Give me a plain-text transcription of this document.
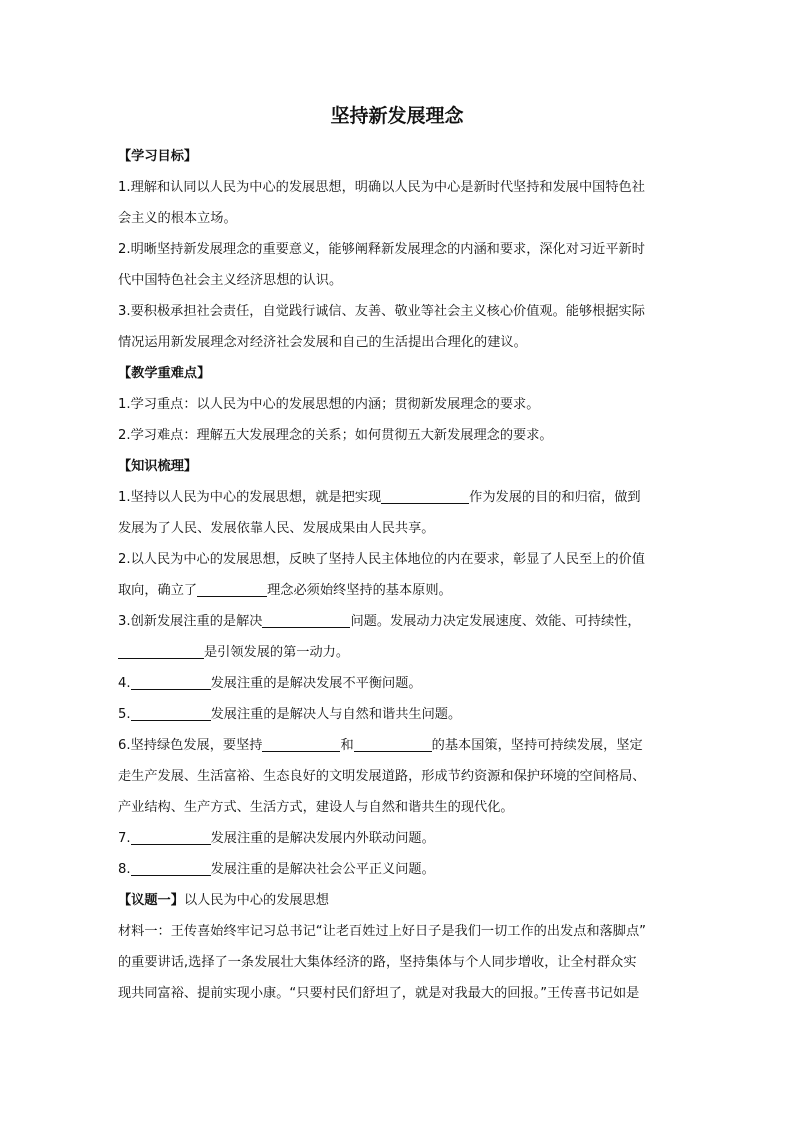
坚持新发展理念
【学习目标】
1.理解和认同以人民为中心的发展思想，明确以人民为中心是新时代坚持和发展中国特色社
会主义的根本立场。
2.明晰坚持新发展理念的重要意义，能够阐释新发展理念的内涵和要求，深化对习近平新时
代中国特色社会主义经济思想的认识。
3.要积极承担社会责任，自觉践行诚信、友善、敬业等社会主义核心价值观。能够根据实际
情况运用新发展理念对经济社会发展和自己的生活提出合理化的建议。
【教学重难点】
1.学习重点：以人民为中心的发展思想的内涵；贯彻新发展理念的要求。
2.学习难点：理解五大发展理念的关系；如何贯彻五大新发展理念的要求。
【知识梳理】
1.坚持以人民为中心的发展思想，就是把实现	作为发展的目的和归宿，做到
发展为了人民、发展依靠人民、发展成果由人民共享。
2.以人民为中心的发展思想，反映了坚持人民主体地位的内在要求，彰显了人民至上的价值
取向，确立了	理念必须始终坚持的基本原则。
3.创新发展注重的是解决	问题。发展动力决定发展速度、效能、可持续性，
是引领发展的第一动力。
4.	发展注重的是解决发展不平衡问题。
5.	发展注重的是解决人与自然和谐共生问题。
6.坚持绿色发展，要坚持	和	的基本国策，坚持可持续发展，坚定
走生产发展、生活富裕、生态良好的文明发展道路，形成节约资源和保护环境的空间格局、
产业结构、生产方式、生活方式，建设人与自然和谐共生的现代化。
7.	发展注重的是解决发展内外联动问题。
8.	发展注重的是解决社会公平正义问题。
【议题一】以人民为中心的发展思想
材料一：王传喜始终牢记习总书记“让老百姓过上好日子是我们一切工作的出发点和落脚点”
的重要讲话,选择了一条发展壮大集体经济的路，坚持集体与个人同步增收，让全村群众实
现共同富裕、提前实现小康。“只要村民们舒坦了，就是对我最大的回报。”王传喜书记如是
